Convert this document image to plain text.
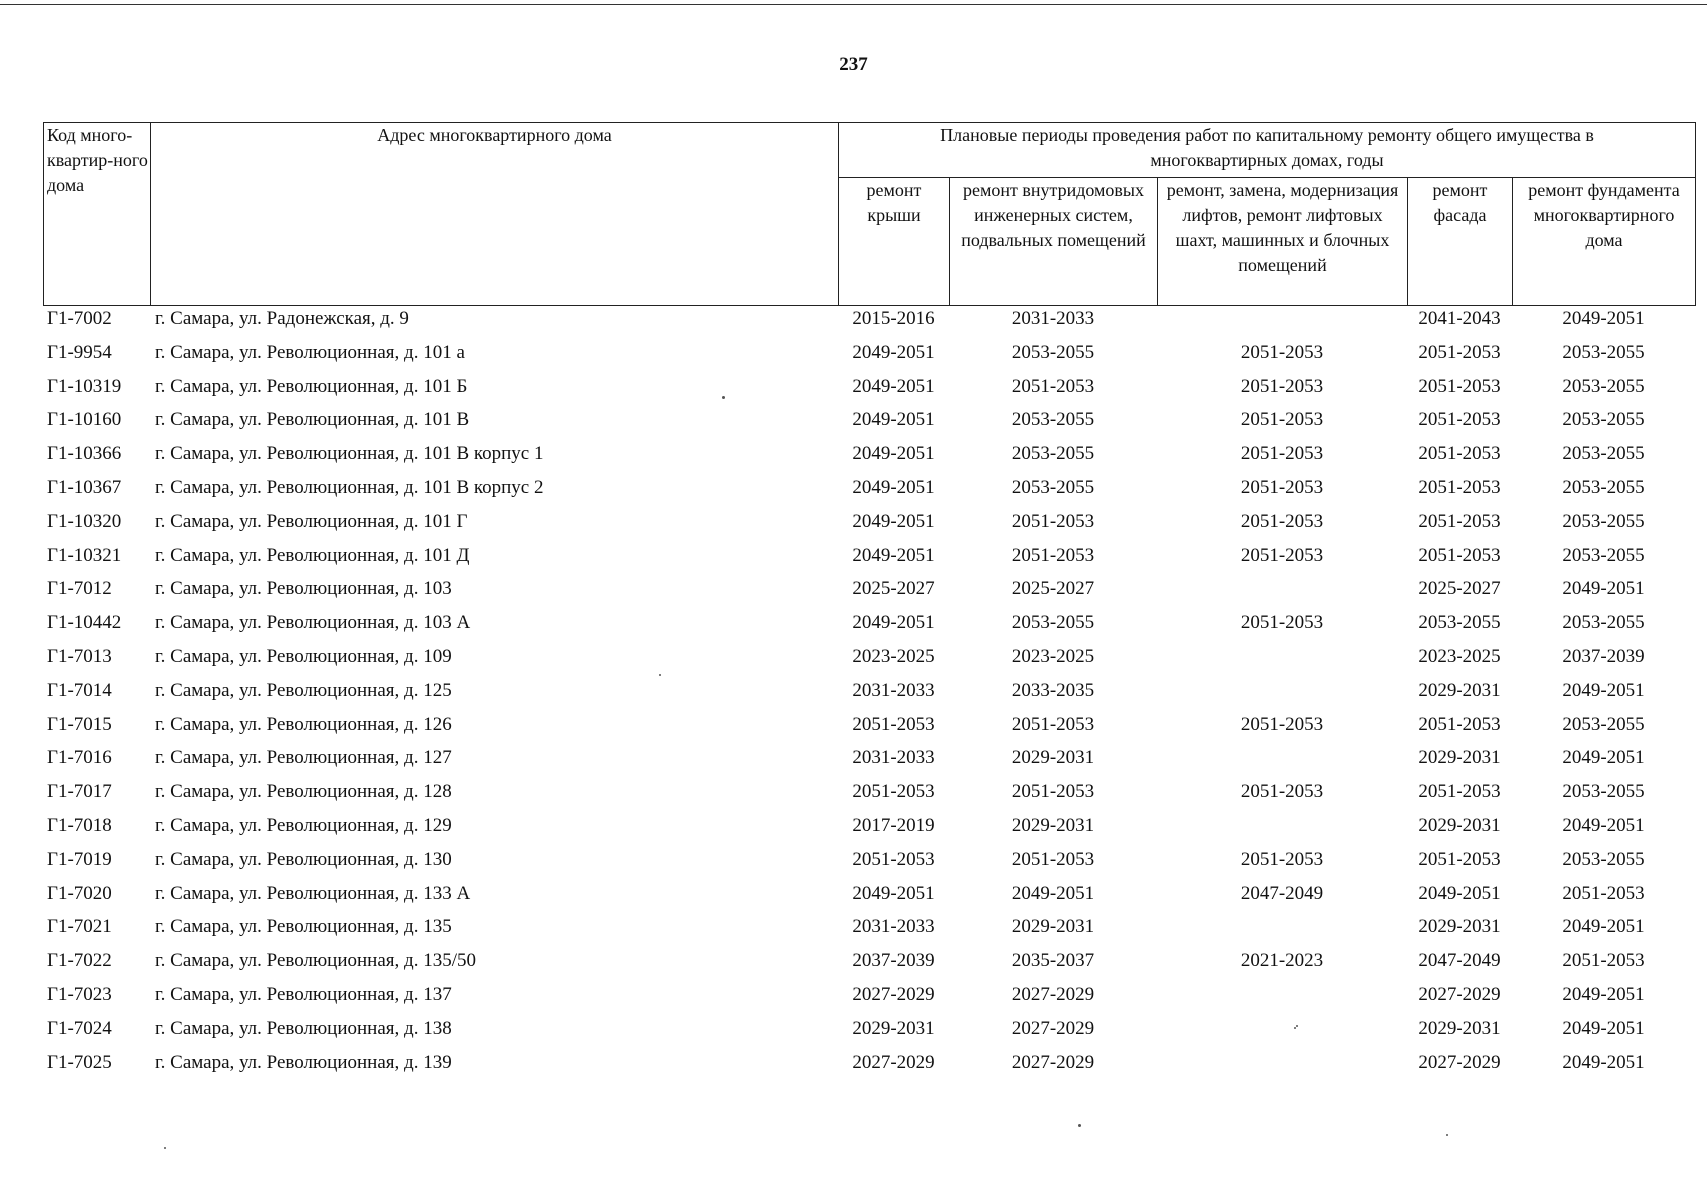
237
Код много-квартир-ного дома	Адрес многоквартирного дома	Плановые периоды проведения работ по капитальному ремонту общего имущества в
многоквартирных домах, годы				

		ремонт крыши	ремонт внутридомовых инженерных систем, подвальных помещений	ремонт, замена, модернизация лифтов, ремонт лифтовых шахт, машинных и блочных помещений	ремонт фасада	ремонт фундамента многоквартирного дома
Г1-7002	г. Самара, ул. Радонежская, д. 9	2015-2016	2031-2033		2041-2043	2049-2051
Г1-9954	г. Самара, ул. Революционная, д. 101 а	2049-2051	2053-2055	2051-2053	2051-2053	2053-2055
Г1-10319	г. Самара, ул. Революционная, д. 101 Б	2049-2051	2051-2053	2051-2053	2051-2053	2053-2055
Г1-10160	г. Самара, ул. Революционная, д. 101 В	2049-2051	2053-2055	2051-2053	2051-2053	2053-2055
Г1-10366	г. Самара, ул. Революционная, д. 101 В корпус 1	2049-2051	2053-2055	2051-2053	2051-2053	2053-2055
Г1-10367	г. Самара, ул. Революционная, д. 101 В корпус 2	2049-2051	2053-2055	2051-2053	2051-2053	2053-2055
Г1-10320	г. Самара, ул. Революционная, д. 101 Г	2049-2051	2051-2053	2051-2053	2051-2053	2053-2055
Г1-10321	г. Самара, ул. Революционная, д. 101 Д	2049-2051	2051-2053	2051-2053	2051-2053	2053-2055
Г1-7012	г. Самара, ул. Революционная, д. 103	2025-2027	2025-2027		2025-2027	2049-2051
Г1-10442	г. Самара, ул. Революционная, д. 103 А	2049-2051	2053-2055	2051-2053	2053-2055	2053-2055
Г1-7013	г. Самара, ул. Революционная, д. 109	2023-2025	2023-2025		2023-2025	2037-2039
Г1-7014	г. Самара, ул. Революционная, д. 125	2031-2033	2033-2035		2029-2031	2049-2051
Г1-7015	г. Самара, ул. Революционная, д. 126	2051-2053	2051-2053	2051-2053	2051-2053	2053-2055
Г1-7016	г. Самара, ул. Революционная, д. 127	2031-2033	2029-2031		2029-2031	2049-2051
Г1-7017	г. Самара, ул. Революционная, д. 128	2051-2053	2051-2053	2051-2053	2051-2053	2053-2055
Г1-7018	г. Самара, ул. Революционная, д. 129	2017-2019	2029-2031		2029-2031	2049-2051
Г1-7019	г. Самара, ул. Революционная, д. 130	2051-2053	2051-2053	2051-2053	2051-2053	2053-2055
Г1-7020	г. Самара, ул. Революционная, д. 133 А	2049-2051	2049-2051	2047-2049	2049-2051	2051-2053
Г1-7021	г. Самара, ул. Революционная, д. 135	2031-2033	2029-2031		2029-2031	2049-2051
Г1-7022	г. Самара, ул. Революционная, д. 135/50	2037-2039	2035-2037	2021-2023	2047-2049	2051-2053
Г1-7023	г. Самара, ул. Революционная, д. 137	2027-2029	2027-2029		2027-2029	2049-2051
Г1-7024	г. Самара, ул. Революционная, д. 138	2029-2031	2027-2029		2029-2031	2049-2051
Г1-7025	г. Самара, ул. Революционная, д. 139	2027-2029	2027-2029		2027-2029	2049-2051
